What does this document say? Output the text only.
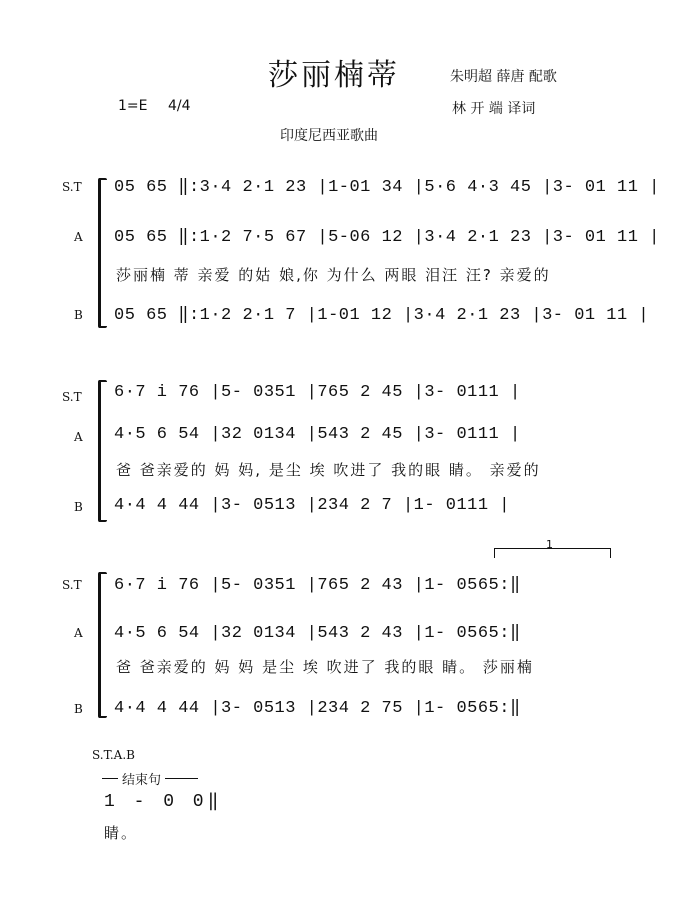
莎丽楠蒂	朱明超 薛唐 配歌
1=E 4/4	林 开 端 译词
印度尼西亚歌曲
S.T 05 65 ‖:3·4 2·1 23 |1-01 34 |5·6 4·3 45 |3- 01 11 |
A 05 65 ‖:1·2 7·5 67 |5-06 12 |3·4 2·1 23 |3- 01 11 |
莎丽楠 蒂 亲爱 的姑 娘,你 为什么 两眼 泪汪 汪? 亲爱的
B 05 65 ‖:1·2 2·1 7 |1-01 12 |3·4 2·1 23 |3- 01 11 |
S.T 6·7 i 76 |5- 0351 |765 2 45 |3- 0111 |
A 4·5 6 54 |32 0134 |543 2 45 |3- 0111 |
爸 爸亲爱的 妈 妈, 是尘 埃 吹进了 我的眼 睛。 亲爱的
B 4·4 4 44 |3- 0513 |234 2 7 |1- 0111 |
1
S.T 6·7 i 76 |5- 0351 |765 2 43 |1- 0565:‖
A 4·5 6 54 |32 0134 |543 2 43 |1- 0565:‖
爸 爸亲爱的 妈 妈 是尘 埃 吹进了 我的眼 睛。 莎丽楠
B 4·4 4 44 |3- 0513 |234 2 75 |1- 0565:‖
S.T.A.B
结束句
1 - 0 0‖
睛。
